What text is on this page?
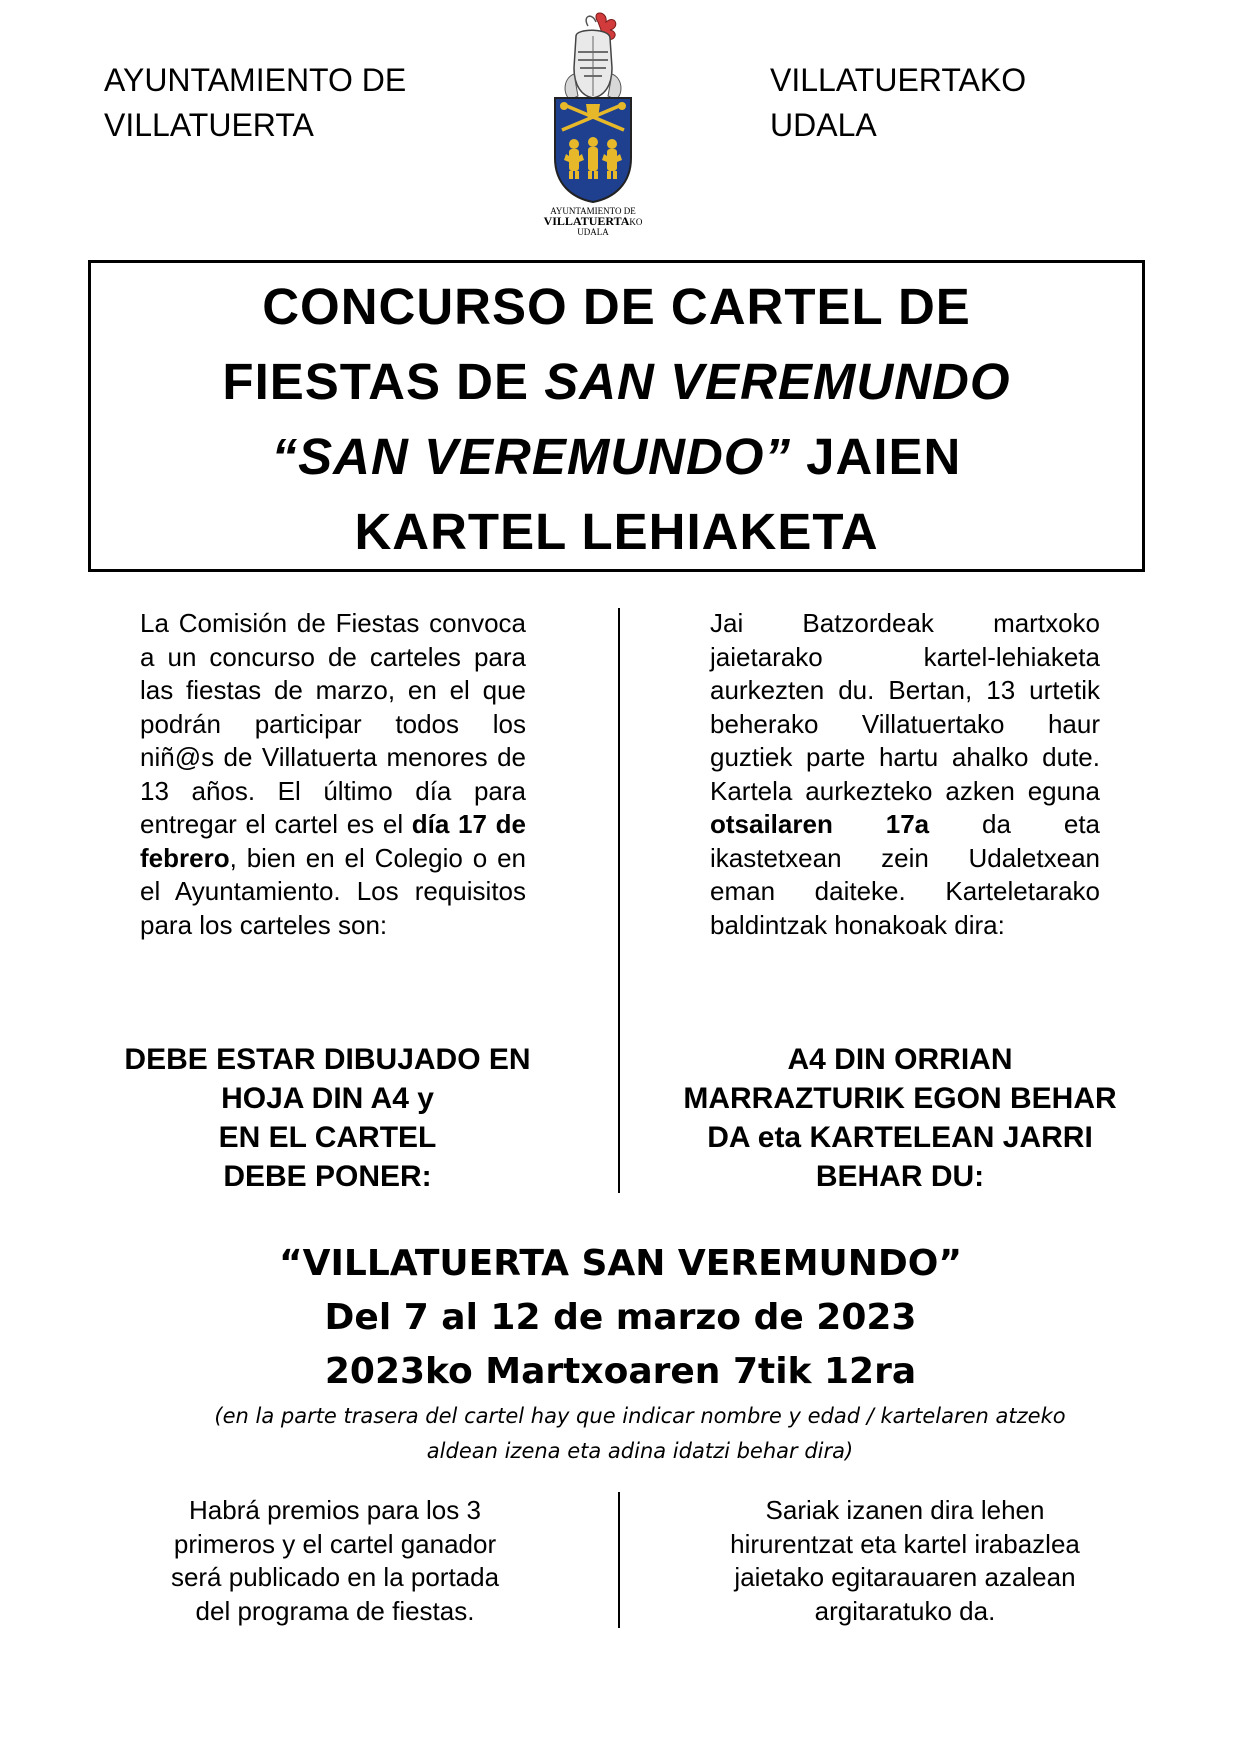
AYUNTAMIENTO DE
VILLATUERTA
VILLATUERTAKO
UDALA
AYUNTAMIENTO DE
VILLATUERTAKO
UDALA
CONCURSO DE CARTEL DE
FIESTAS DE SAN VEREMUNDO
“SAN VEREMUNDO” JAIEN
KARTEL LEHIAKETA

La Comisión de Fiestas convoca a un concurso de carteles para las fiestas de marzo, en el que podrán participar todos los niñ@s de Villatuerta menores de 13 años. El último día para entregar el cartel es el día 17 de febrero, bien en el Colegio o en el Ayuntamiento. Los requisitos para los carteles son:

Jai Batzordeak martxoko jaietarako kartel-lehiaketa aurkezten du. Bertan, 13 urtetik beherako Villatuertako haur guztiek parte hartu ahalko dute. Kartela aurkezteko azken eguna otsailaren 17a da eta ikastetxean zein Udaletxean eman daiteke. Karteletarako baldintzak honakoak dira:

DEBE ESTAR DIBUJADO EN
HOJA DIN A4 y
EN EL CARTEL
DEBE PONER:
A4 DIN ORRIAN
MARRAZTURIK EGON BEHAR
DA eta KARTELEAN JARRI
BEHAR DU:
“VILLATUERTA SAN VEREMUNDO”
Del 7 al 12 de marzo de 2023
2023ko Martxoaren 7tik 12ra
(en la parte trasera del cartel hay que indicar nombre y edad / kartelaren atzeko
aldean izena eta adina idatzi behar dira)
Habrá premios para los 3
primeros y el cartel ganador
será publicado en la portada
del programa de fiestas.
Sariak izanen dira lehen
hirurentzat eta kartel irabazlea
jaietako egitarauaren azalean
argitaratuko da.
